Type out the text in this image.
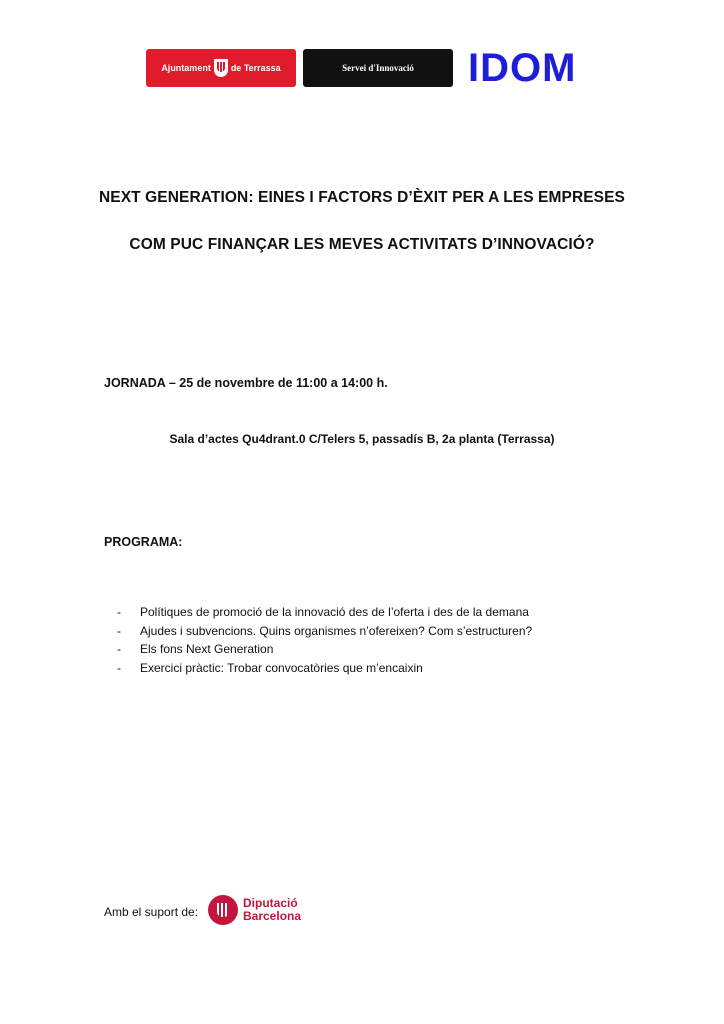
Ajuntament de Terrassa	Servei d'Innovació IDOM
NEXT GENERATION: EINES I FACTORS D’ÈXIT PER A LES EMPRESES
COM PUC FINANÇAR LES MEVES ACTIVITATS D’INNOVACIÓ?
JORNADA – 25 de novembre de 11:00 a 14:00 h.
Sala d’actes Qu4drant.0 C/Telers 5, passadís B, 2a planta (Terrassa)
PROGRAMA:
- Polítiques de promoció de la innovació des de l’oferta i des de la demana
- Ajudes i subvencions. Quins organismes n’ofereixen? Com s’estructuren?
- Els fons Next Generation
- Exercici pràctic: Trobar convocatòries que m’encaixin
Amb el suport de:
Diputació
Barcelona
